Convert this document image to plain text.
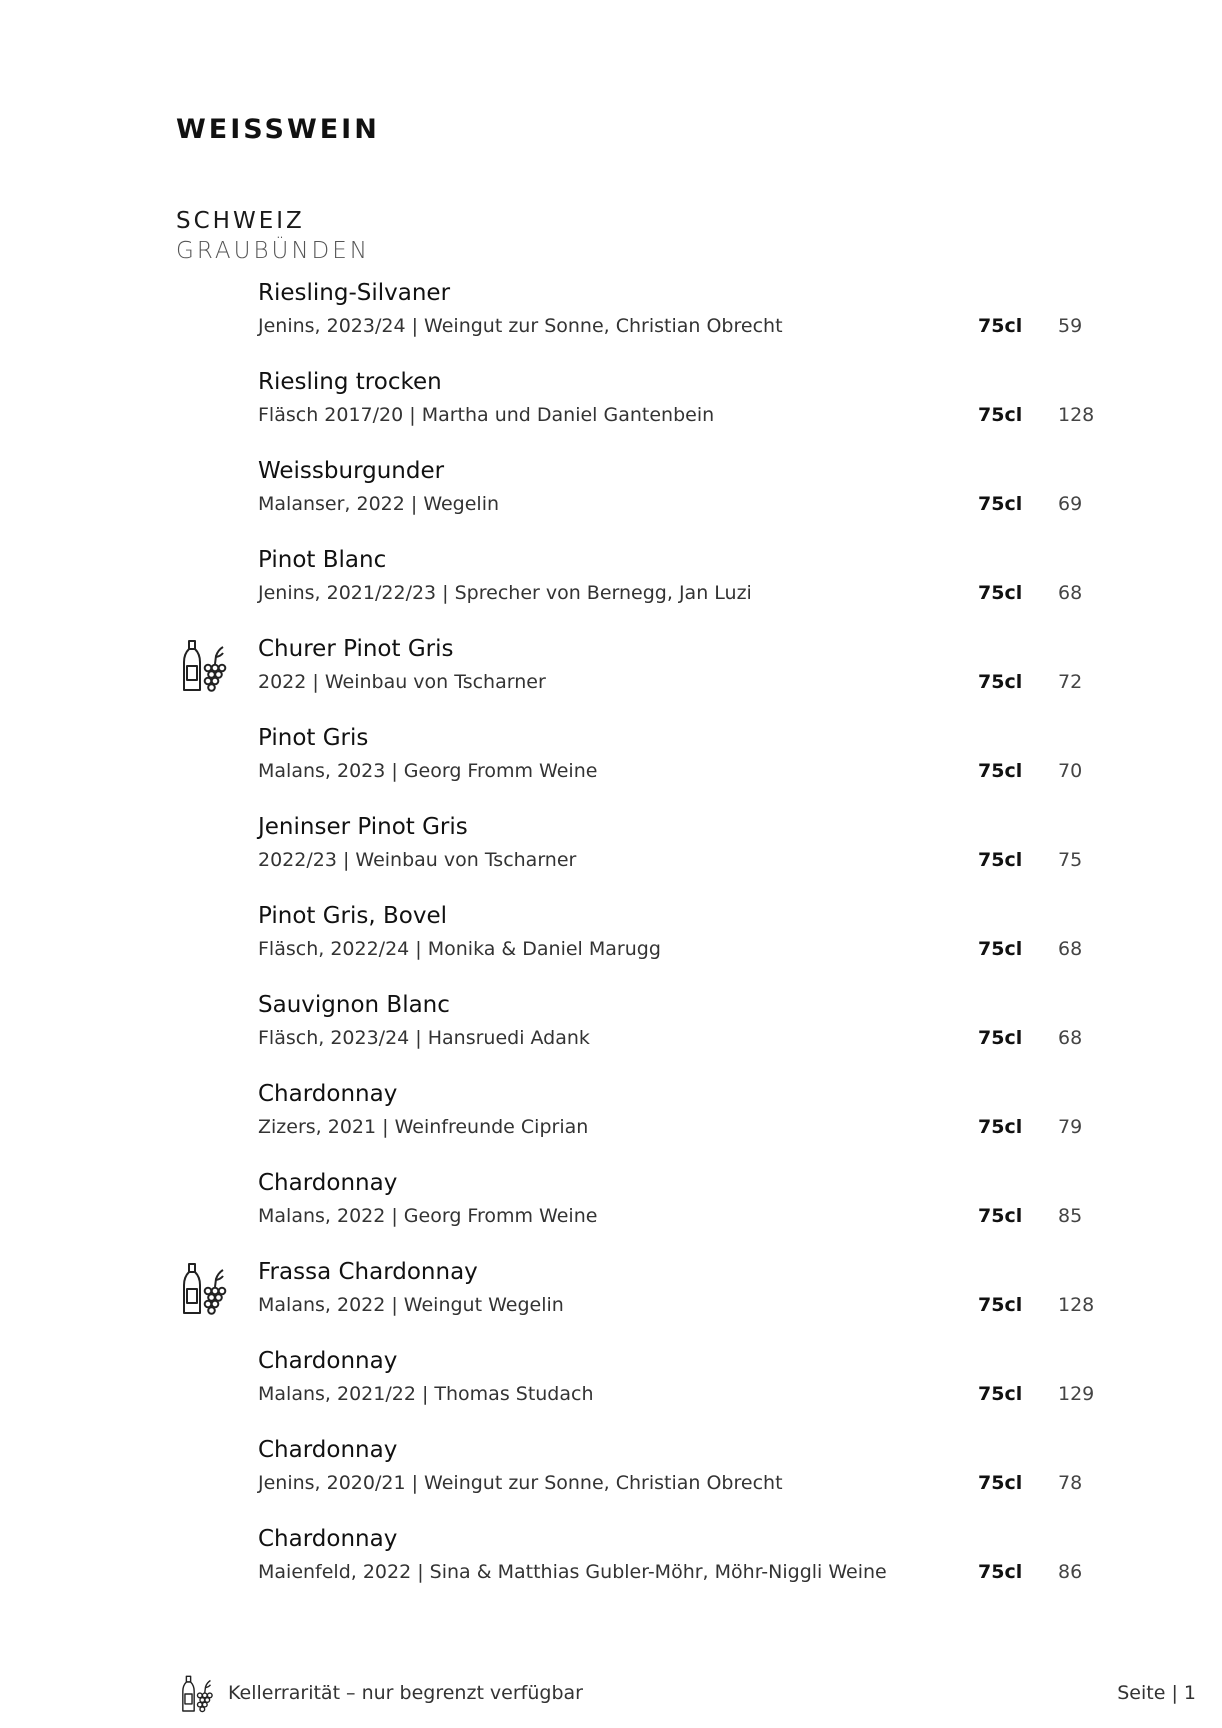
WEISSWEIN
SCHWEIZ
GRAUBÜNDEN
Riesling-Silvaner
Jenins, 2023/24 | Weingut zur Sonne, Christian Obrecht	75cl 59
Riesling trocken
Fläsch 2017/20 | Martha und Daniel Gantenbein	75cl 128
Weissburgunder
Malanser, 2022 | Wegelin	75cl 69
Pinot Blanc
Jenins, 2021/22/23 | Sprecher von Bernegg, Jan Luzi	75cl 68
Churer Pinot Gris
2022 | Weinbau von Tscharner	75cl 72
Pinot Gris
Malans, 2023 | Georg Fromm Weine	75cl 70
Jeninser Pinot Gris
2022/23 | Weinbau von Tscharner	75cl 75
Pinot Gris, Bovel
Fläsch, 2022/24 | Monika & Daniel Marugg	75cl 68
Sauvignon Blanc
Fläsch, 2023/24 | Hansruedi Adank	75cl 68
Chardonnay
Zizers, 2021 | Weinfreunde Ciprian	75cl 79
Chardonnay
Malans, 2022 | Georg Fromm Weine	75cl 85
Frassa Chardonnay
Malans, 2022 | Weingut Wegelin	75cl 128
Chardonnay
Malans, 2021/22 | Thomas Studach	75cl 129
Chardonnay
Jenins, 2020/21 | Weingut zur Sonne, Christian Obrecht	75cl 78
Chardonnay
Maienfeld, 2022 | Sina & Matthias Gubler-Möhr, Möhr-Niggli Weine	75cl 86
Kellerrarität – nur begrenzt verfügbar	Seite | 1
